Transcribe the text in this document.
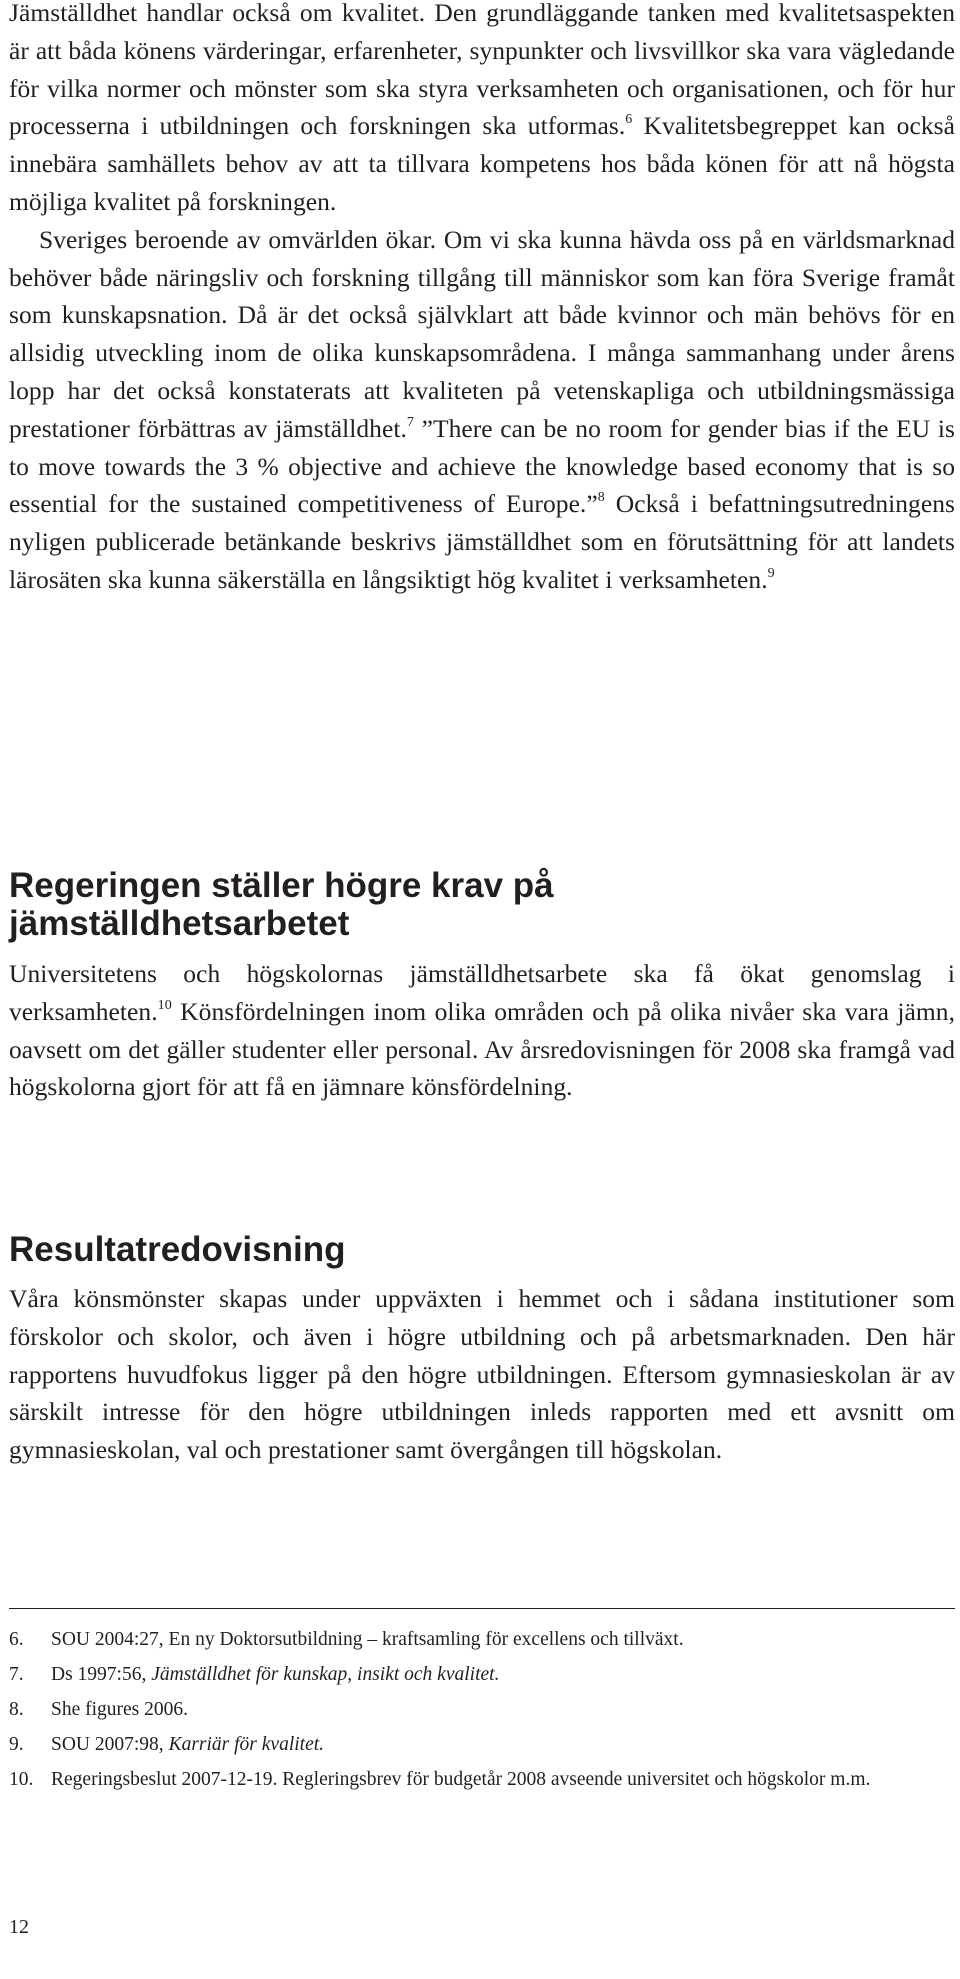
Jämställdhet handlar också om kvalitet. Den grundläggande tanken med kvalitetsaspekten är att båda könens värderingar, erfarenheter, synpunkter och livsvillkor ska vara vägledande för vilka normer och mönster som ska styra verksamheten och organisationen, och för hur processerna i utbildningen och forskningen ska utformas.$^6$ Kvalitetsbegreppet kan också innebära samhällets behov av att ta tillvara kompetens hos båda könen för att nå högsta möjliga kvalitet på forskningen.

Sveriges beroende av omvärlden ökar. Om vi ska kunna hävda oss på en världsmarknad behöver både näringsliv och forskning tillgång till människor som kan föra Sverige framåt som kunskapsnation. Då är det också självklart att både kvinnor och män behövs för en allsidig utveckling inom de olika kunskapsområdena. I många sammanhang under årens lopp har det också konstaterats att kvaliteten på vetenskapliga och utbildningsmässiga prestationer förbättras av jämställdhet.$^7$ ”There can be no room for gender bias if the EU is to move towards the 3 % objective and achieve the knowledge based economy that is so essential for the sustained competitiveness of Europe.”$^8$ Också i befattningsutredningens nyligen publicerade betänkande beskrivs jämställdhet som en förutsättning för att landets lärosäten ska kunna säkerställa en långsiktigt hög kvalitet i verksamheten.$^9$

Regeringen ställer högre krav på
jämställdhetsarbetet

Universitetens och högskolornas jämställdhetsarbete ska få ökat genomslag i verksamheten.$^{10}$ Könsfördelningen inom olika områden och på olika nivåer ska vara jämn, oavsett om det gäller studenter eller personal. Av årsredovisningen för 2008 ska framgå vad högskolorna gjort för att få en jämnare könsfördelning.

Resultatredovisning

Våra könsmönster skapas under uppväxten i hemmet och i sådana institutioner som förskolor och skolor, och även i högre utbildning och på arbetsmarknaden. Den här rapportens huvudfokus ligger på den högre utbildningen. Eftersom gymnasieskolan är av särskilt intresse för den högre utbildningen inleds rapporten med ett avsnitt om gymnasieskolan, val och prestationer samt övergången till högskolan.

6.	SOU 2004:27, En ny Doktorsutbildning – kraftsamling för excellens och tillväxt.
7.	Ds 1997:56, Jämställdhet för kunskap, insikt och kvalitet.
8.	She figures 2006.
9.	SOU 2007:98, Karriär för kvalitet.
10. Regeringsbeslut 2007-12-19. Regleringsbrev för budgetår 2008 avseende universitet och högskolor m.m.
12
